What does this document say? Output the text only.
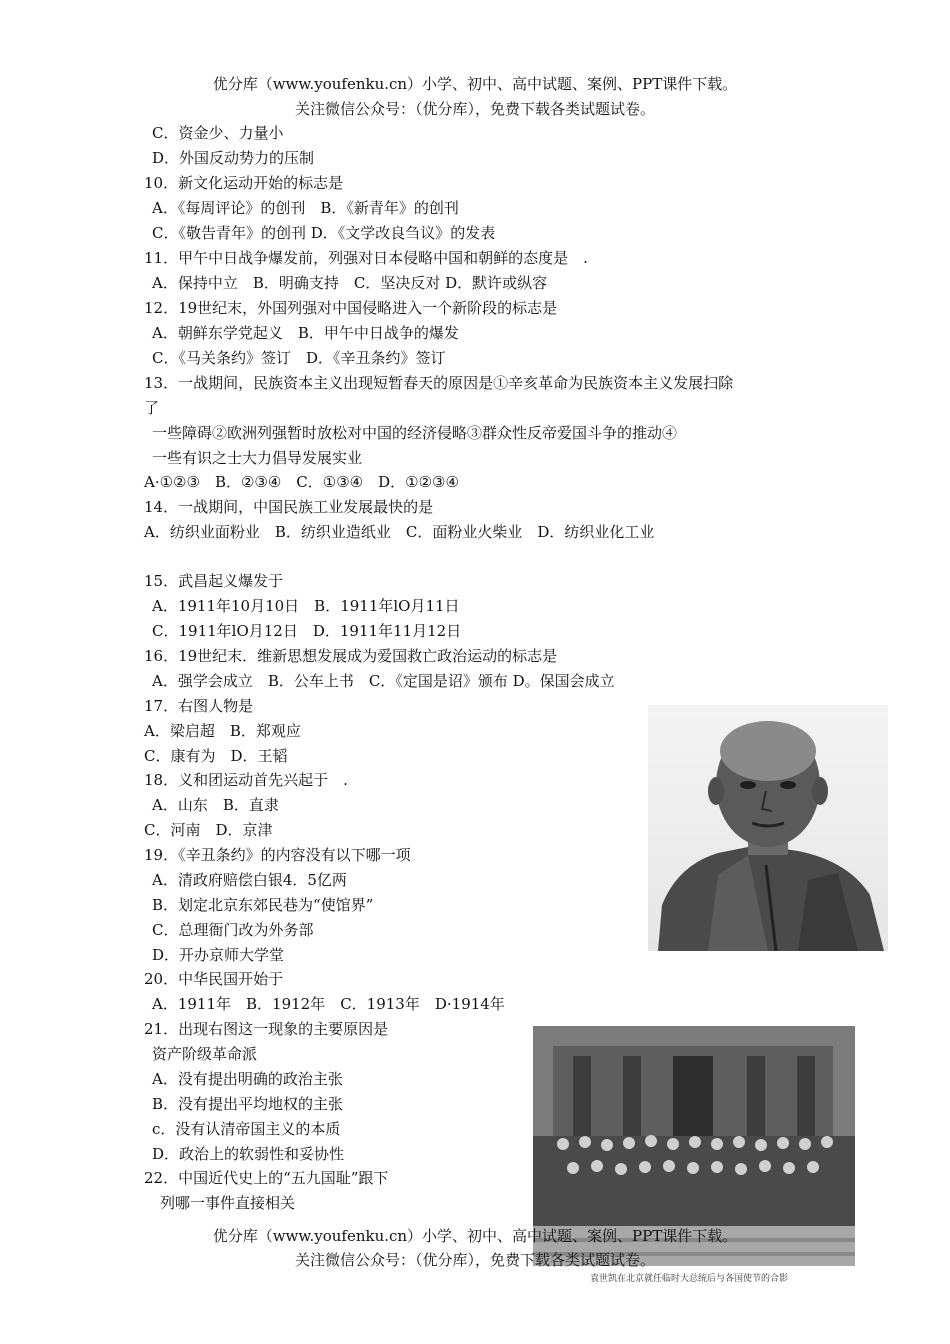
优分库（www.youfenku.cn）小学、初中、高中试题、案例、PPT课件下载。
关注微信公众号：（优分库），免费下载各类试题试卷。
C．资金少、力量小
D．外国反动势力的压制
10．新文化运动开始的标志是
A．《每周评论》的创刊　B．《新青年》的创刊
C．《敬告青年》的创刊 D．《文学改良刍议》的发表
11．甲午中日战争爆发前，列强对日本侵略中国和朝鲜的态度是　.
A．保持中立　B．明确支持　C．坚决反对 D．默许或纵容
12．19世纪末，外国列强对中国侵略进入一个新阶段的标志是
A．朝鲜东学党起义　B．甲午中日战争的爆发
C．《马关条约》签订　D．《辛丑条约》签订
13．一战期间，民族资本主义出现短暂春天的原因是①辛亥革命为民族资本主义发展扫除
了
一些障碍②欧洲列强暂时放松对中国的经济侵略③群众性反帝爱国斗争的推动④
一些有识之士大力倡导发展实业
A·①②③　B．②③④　C．①③④　D．①②③④
14．一战期间，中国民族工业发展最快的是
A．纺织业面粉业　B．纺织业造纸业　C．面粉业火柴业　D．纺织业化工业
15．武昌起义爆发于
A．1911年10月10日　B．1911年lO月11日
C．1911年lO月12日　D．1911年11月12日
16．19世纪末．维新思想发展成为爱国救亡政治运动的标志是
A．强学会成立　B．公车上书　C．《定国是诏》颁布 D。保国会成立
17．右图人物是
A．梁启超　B．郑观应
C．康有为　D．王韬
18．义和团运动首先兴起于　.
A．山东　B．直隶
C．河南　D．京津
19．《辛丑条约》的内容没有以下哪一项
A．清政府赔偿白银4．5亿两
B．划定北京东郊民巷为“使馆界”
C．总理衙门改为外务部
D．开办京师大学堂
20．中华民国开始于
A．1911年　B．1912年　C．1913年　D·1914年
21．出现右图这一现象的主要原因是
资产阶级革命派
A．没有提出明确的政治主张
B．没有提出平均地权的主张
c．没有认清帝国主义的本质
D．政治上的软弱性和妥协性
22．中国近代史上的“五九国耻”跟下
列哪一事件直接相关
袁世凯在北京就任临时大总统后与各国使节的合影
优分库（www.youfenku.cn）小学、初中、高中试题、案例、PPT课件下载。
关注微信公众号：（优分库），免费下载各类试题试卷。
